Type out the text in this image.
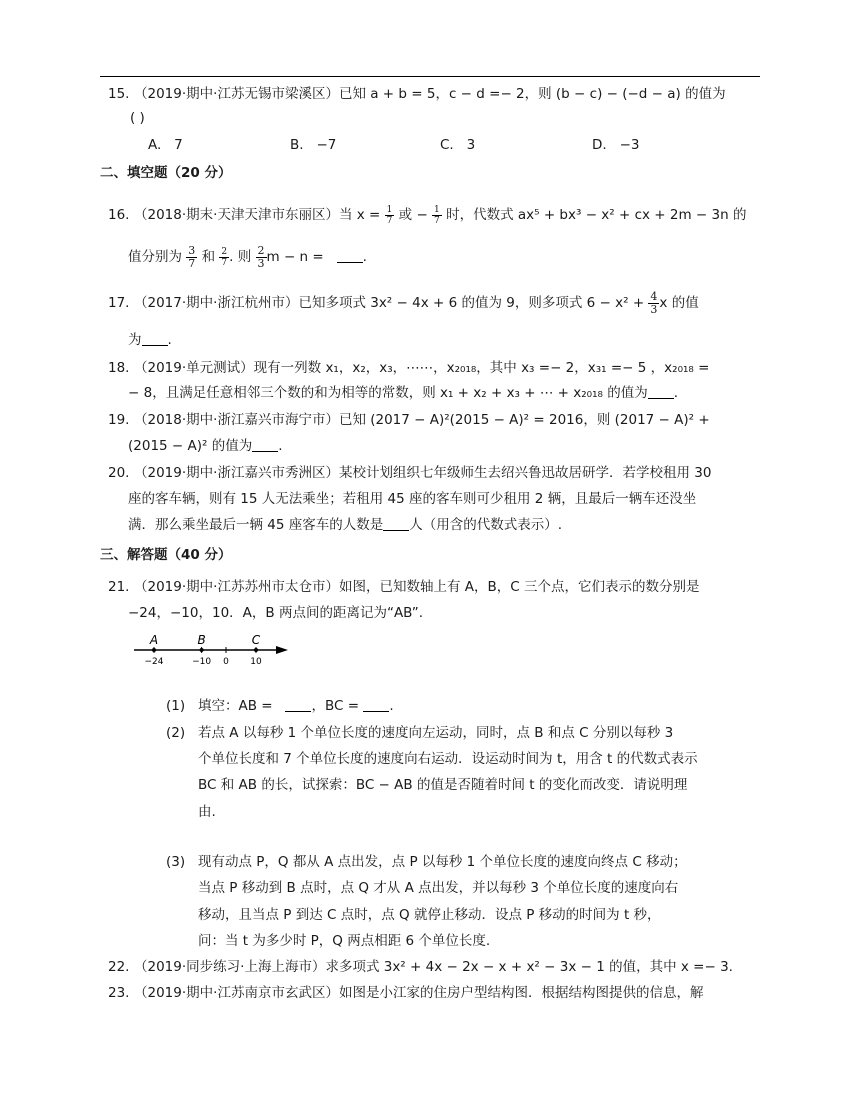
15. （2019·期中·江苏无锡市梁溪区）已知 a + b = 5，c − d =− 2，则 (b − c) − (−d − a) 的值为
( )
A. 7	B. −7	C. 3	D. −3
二、填空题（20 分）
16. （2018·期末·天津天津市东丽区）当 $x = \frac{1}{7}$ 或 − $\frac{1}{7}$ 时，代数式 ax⁵ + bx³ − x² + cx + 2m − 3n 的
值分别为 $\frac{3}{7}$ 和 $\frac{2}{7}$ . 则 $\frac{2}{3}$ m − n =	.
17. （2017·期中·浙江杭州市）已知多项式 3x² − 4x + 6 的值为 9，则多项式 $6 - x^2 + \frac{4}{3}$ x 的值
为 .
18. （2019·单元测试）现有一列数 x₁，x₂，x₃，⋯⋯，x₂₀₁₈，其中 x₃ =− 2，x₃₁ =− 5 ，x₂₀₁₈ =
− 8，且满足任意相邻三个数的和为相等的常数，则 x₁ + x₂ + x₃ + ⋯ + x₂₀₁₈ 的值为 .
19. （2018·期中·浙江嘉兴市海宁市）已知 (2017 − A)²(2015 − A)² = 2016，则 (2017 − A)² +
(2015 − A)² 的值为 .
20. （2019·期中·浙江嘉兴市秀洲区）某校计划组织七年级师生去绍兴鲁迅故居研学．若学校租用 30
座的客车辆，则有 15 人无法乘坐；若租用 45 座的客车则可少租用 2 辆，且最后一辆车还没坐
满．那么乘坐最后一辆 45 座客车的人数是 人（用含的代数式表示）.
三、解答题（40 分）
21. （2019·期中·江苏苏州市太仓市）如图，已知数轴上有 A，B，C 三个点，它们表示的数分别是
−24，−10，10．A，B 两点间的距离记为“AB”.
A
−24
B
−10 0
C
10
(1) 填空：AB =	，BC = .
(2) 若点 A 以每秒 1 个单位长度的速度向左运动，同时，点 B 和点 C 分别以每秒 3
个单位长度和 7 个单位长度的速度向右运动．设运动时间为 t，用含 t 的代数式表示
BC 和 AB 的长，试探索：BC − AB 的值是否随着时间 t 的变化而改变．请说明理
由.
(3) 现有动点 P，Q 都从 A 点出发，点 P 以每秒 1 个单位长度的速度向终点 C 移动；
当点 P 移动到 B 点时，点 Q 才从 A 点出发，并以每秒 3 个单位长度的速度向右
移动，且当点 P 到达 C 点时，点 Q 就停止移动．设点 P 移动的时间为 t 秒，
问：当 t 为多少时 P，Q 两点相距 6 个单位长度.
22. （2019·同步练习·上海上海市）求多项式 3x² + 4x − 2x − x + x² − 3x − 1 的值，其中 x =− 3.
23. （2019·期中·江苏南京市玄武区）如图是小江家的住房户型结构图．根据结构图提供的信息，解
